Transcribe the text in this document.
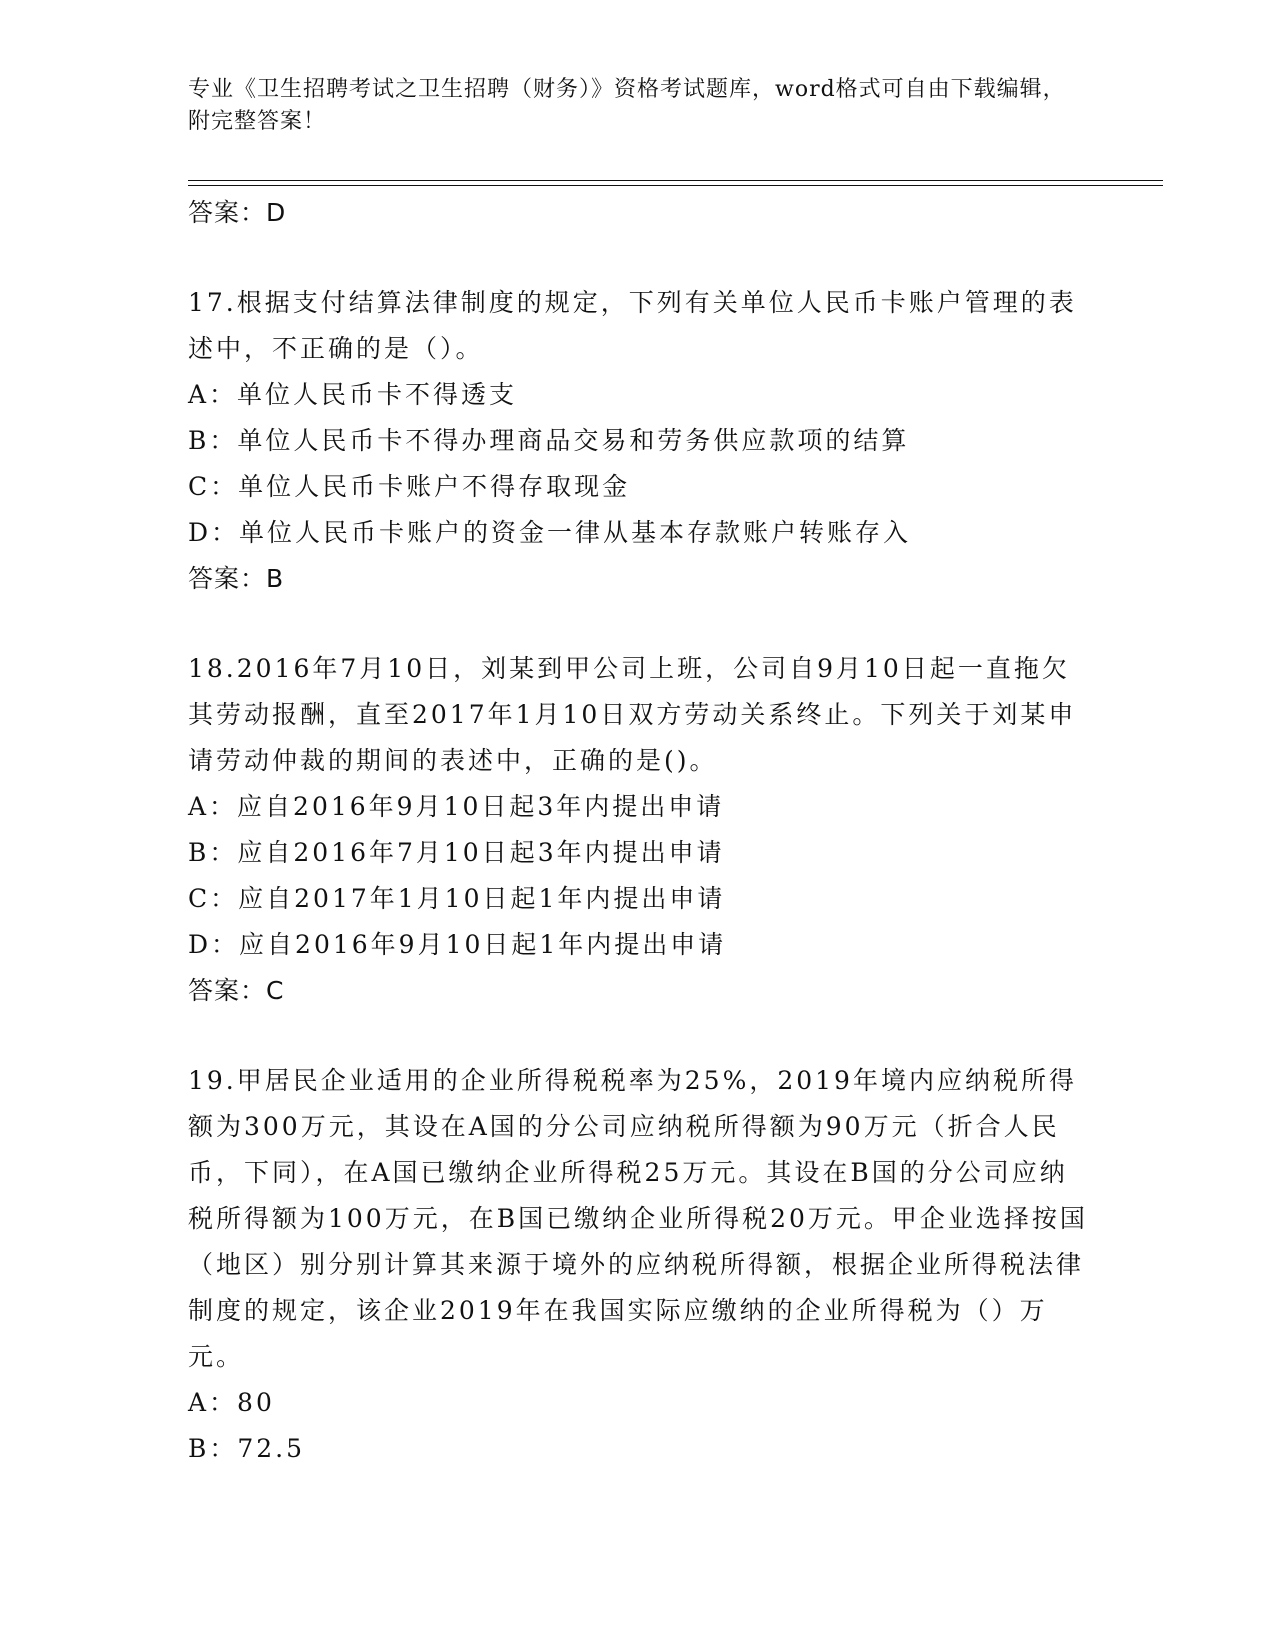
专业《卫生招聘考试之卫生招聘（财务）》资格考试题库，word格式可自由下载编辑，附完整答案！
答案：D
17.根据支付结算法律制度的规定，下列有关单位人民币卡账户管理的表述中，不正确的是（）。
A：单位人民币卡不得透支
B：单位人民币卡不得办理商品交易和劳务供应款项的结算
C：单位人民币卡账户不得存取现金
D：单位人民币卡账户的资金一律从基本存款账户转账存入
答案：B
18.2016年7月10日，刘某到甲公司上班，公司自9月10日起一直拖欠其劳动报酬，直至2017年1月10日双方劳动关系终止。下列关于刘某申请劳动仲裁的期间的表述中，正确的是()。
A：应自2016年9月10日起3年内提出申请
B：应自2016年7月10日起3年内提出申请
C：应自2017年1月10日起1年内提出申请
D：应自2016年9月10日起1年内提出申请
答案：C
19.甲居民企业适用的企业所得税税率为25%，2019年境内应纳税所得额为300万元，其设在A国的分公司应纳税所得额为90万元（折合人民币，下同），在A国已缴纳企业所得税25万元。其设在B国的分公司应纳税所得额为100万元，在B国已缴纳企业所得税20万元。甲企业选择按国（地区）别分别计算其来源于境外的应纳税所得额，根据企业所得税法律制度的规定，该企业2019年在我国实际应缴纳的企业所得税为（）万元。
A：80
B：72.5
